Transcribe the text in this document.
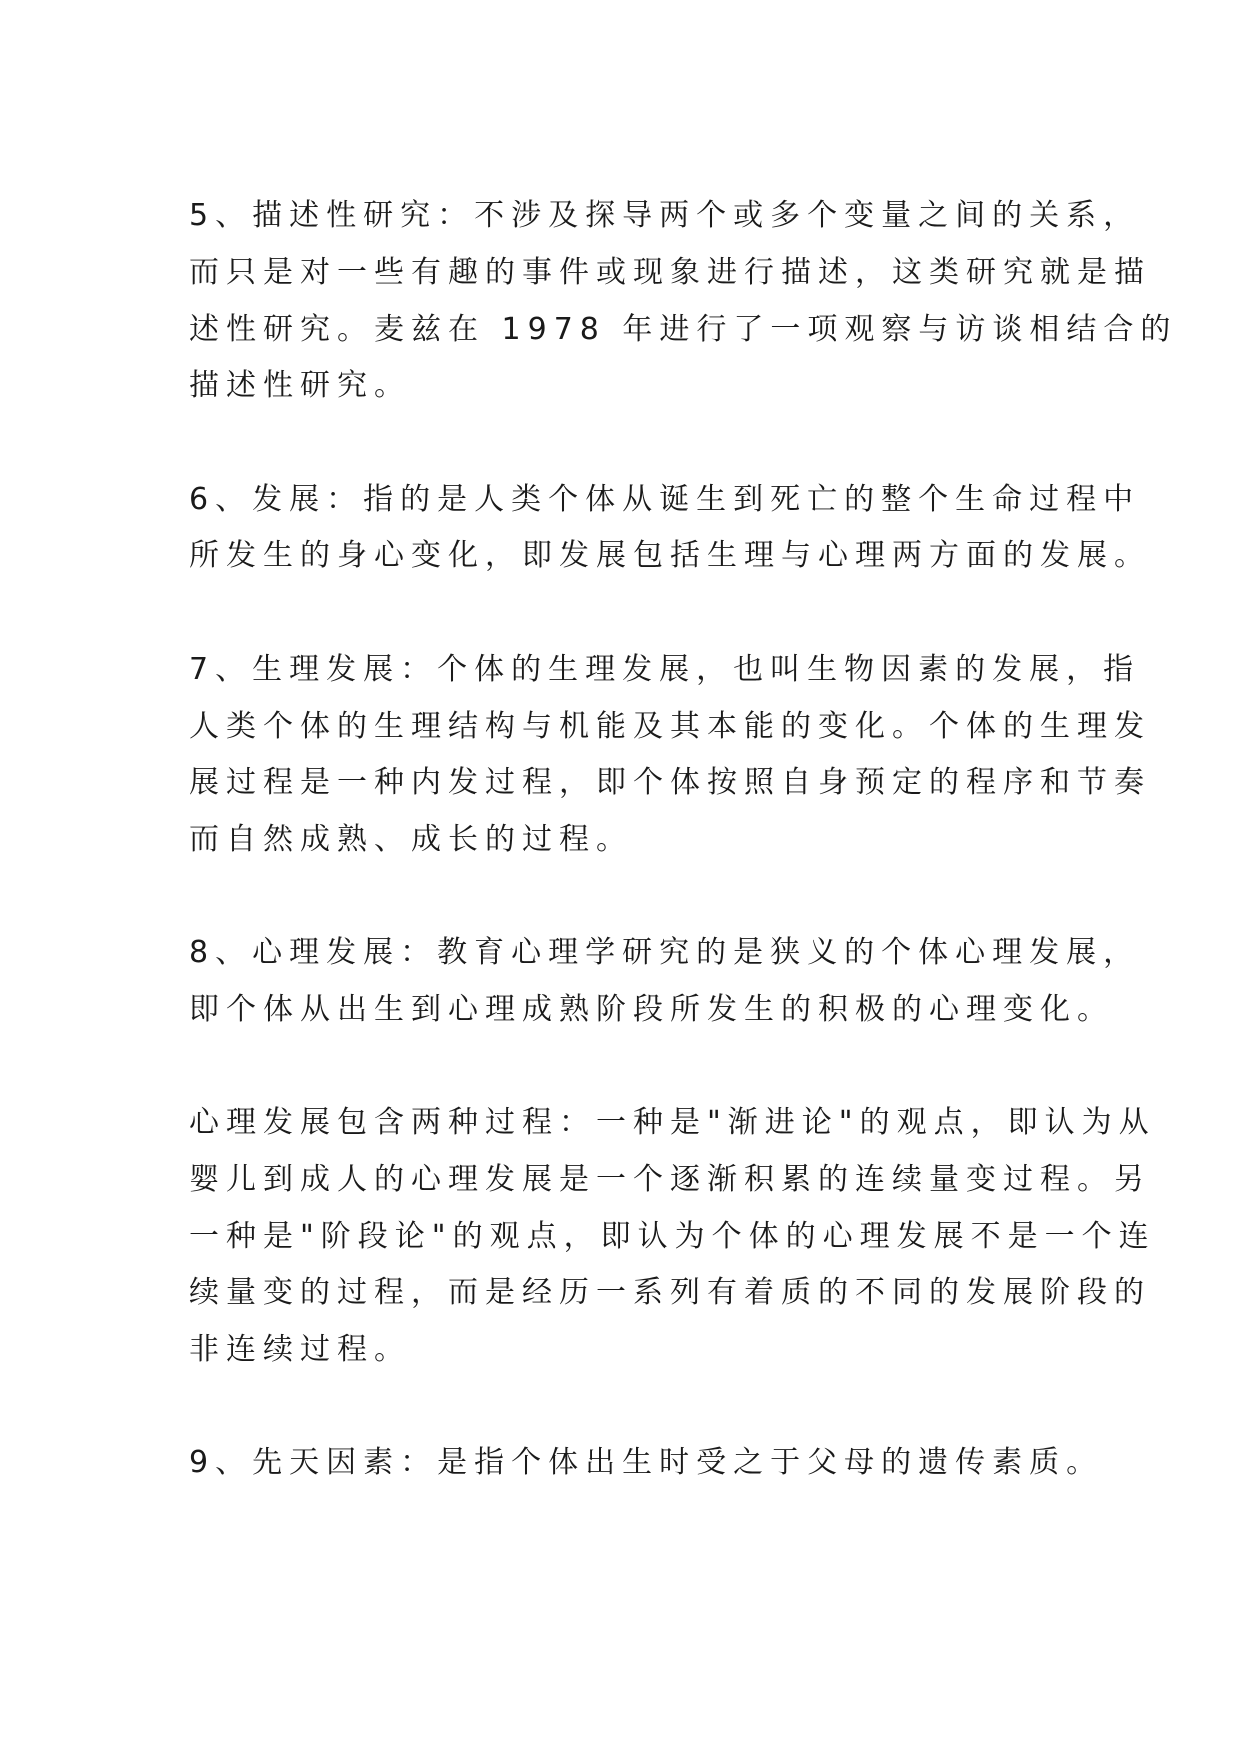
5、描述性研究：不涉及探导两个或多个变量之间的关系，

而只是对一些有趣的事件或现象进行描述，这类研究就是描

述性研究。麦兹在 1978 年进行了一项观察与访谈相结合的

描述性研究。

6、发展：指的是人类个体从诞生到死亡的整个生命过程中

所发生的身心变化，即发展包括生理与心理两方面的发展。

7、生理发展：个体的生理发展，也叫生物因素的发展，指

人类个体的生理结构与机能及其本能的变化。个体的生理发

展过程是一种内发过程，即个体按照自身预定的程序和节奏

而自然成熟、成长的过程。

8、心理发展：教育心理学研究的是狭义的个体心理发展，

即个体从出生到心理成熟阶段所发生的积极的心理变化。

心理发展包含两种过程：一种是"渐进论"的观点，即认为从

婴儿到成人的心理发展是一个逐渐积累的连续量变过程。另

一种是"阶段论"的观点，即认为个体的心理发展不是一个连

续量变的过程，而是经历一系列有着质的不同的发展阶段的

非连续过程。

9、先天因素：是指个体出生时受之于父母的遗传素质。
